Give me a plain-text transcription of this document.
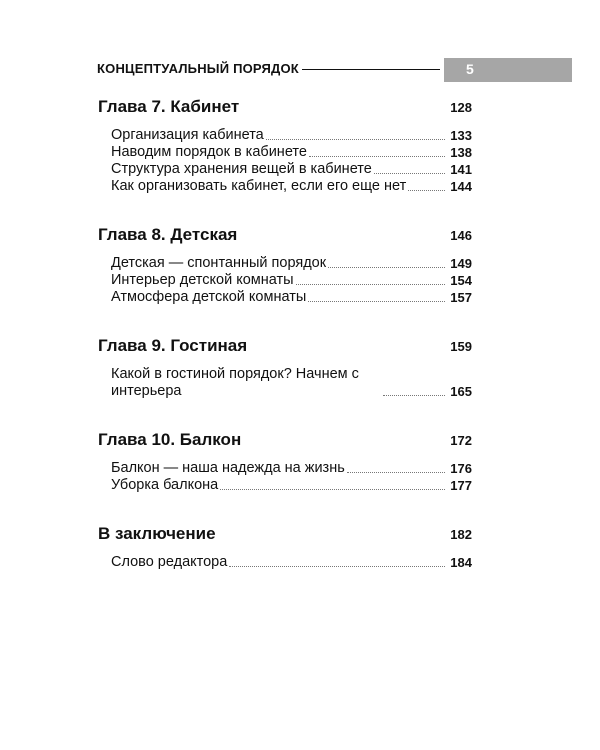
КОНЦЕПТУАЛЬНЫЙ ПОРЯДОК	5
Глава 7. Кабинет	128
Организация кабинета	133
Наводим порядок в кабинете	138
Структура хранения вещей в кабинете	141
Как организовать кабинет, если его еще нет	144
Глава 8. Детская	146
Детская — спонтанный порядок	149
Интерьер детской комнаты	154
Атмосфера детской комнаты	157
Глава 9. Гостиная	159
Какой в гостиной порядок? Начнем с интерьера	165
Глава 10. Балкон	172
Балкон — наша надежда на жизнь	176
Уборка балкона	177
В заключение	182
Слово редактора	184
